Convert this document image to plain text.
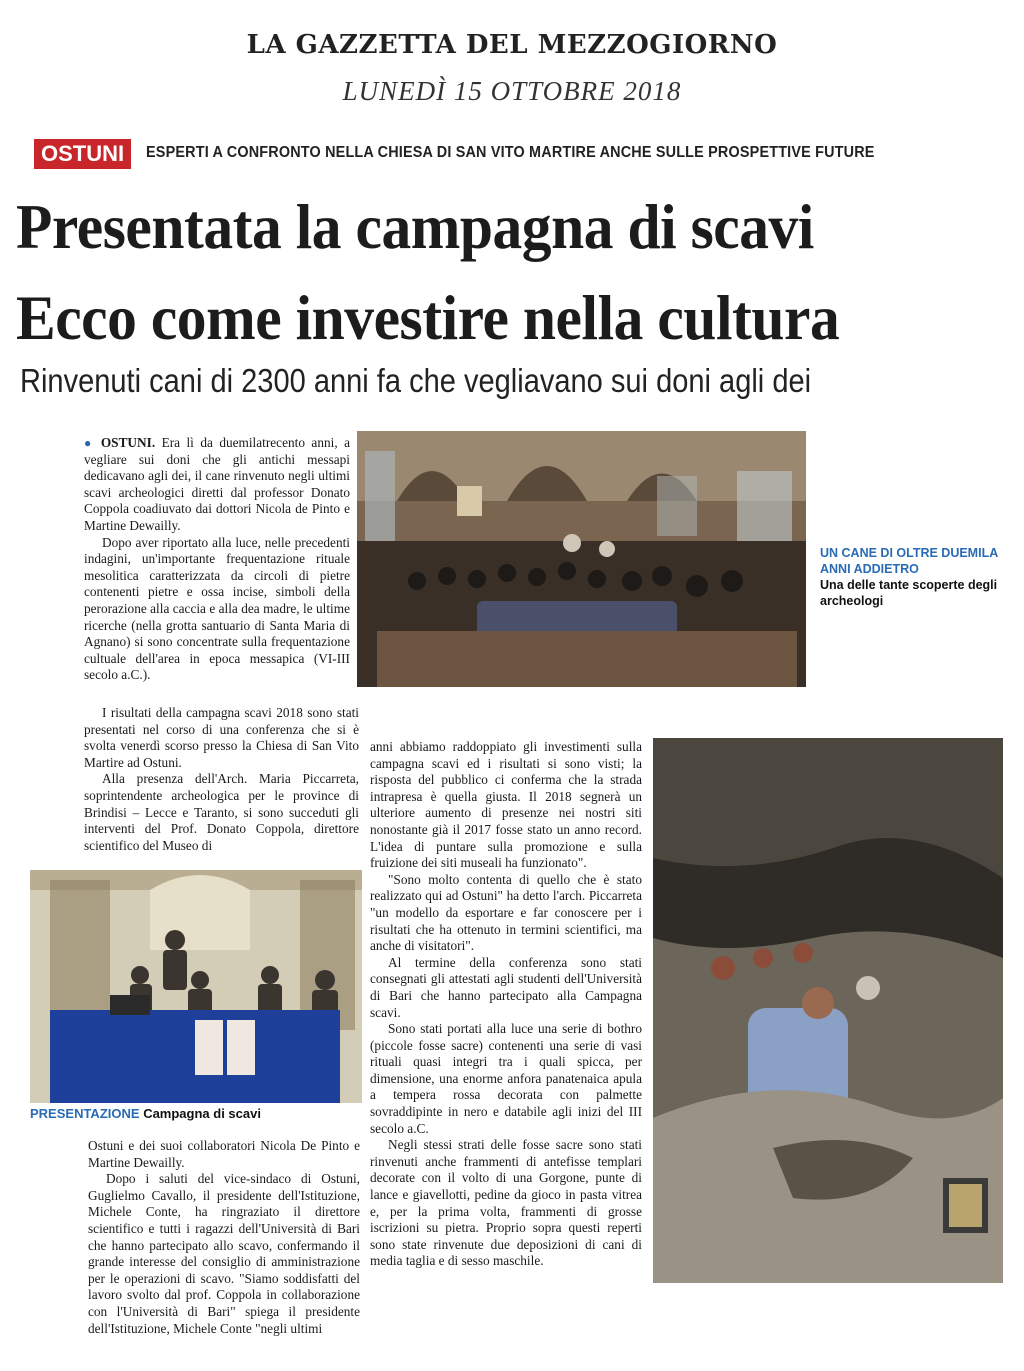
LA GAZZETTA DEL MEZZOGIORNO
LUNEDÌ 15 OTTOBRE 2018
OSTUNI	ESPERTI A CONFRONTO NELLA CHIESA DI SAN VITO MARTIRE ANCHE SULLE PROSPETTIVE FUTURE
Presentata la campagna di scavi
Ecco come investire nella cultura
Rinvenuti cani di 2300 anni fa che vegliavano sui doni agli dei

● OSTUNI. Era lì da duemilatrecento anni, a vegliare sui doni che gli antichi messapi dedicavano agli dei, il cane rinvenuto negli ultimi scavi archeologici diretti dal professor Donato Coppola coadiuvato dai dottori Nicola de Pinto e Martine Dewailly.

Dopo aver riportato alla luce, nelle precedenti indagini, un'importante frequentazione rituale mesolitica caratterizzata da circoli di pietre contenenti pietre e ossa incise, simboli della perorazione alla caccia e alla dea madre, le ultime ricerche (nella grotta santuario di Santa Maria di Agnano) si sono concentrate sulla frequentazione cultuale dell'area in epoca messapica (VI-III secolo a.C.).

UN CANE DI OLTRE DUEMILA ANNI ADDIETRO
Una delle tante scoperte degli archeologi

I risultati della campagna scavi 2018 sono stati presentati nel corso di una conferenza che si è svolta venerdì scorso presso la Chiesa di San Vito Martire ad Ostuni.

Alla presenza dell'Arch. Maria Piccarreta, soprintendente archeologica per le province di Brindisi – Lecce e Taranto, si sono succeduti gli interventi del Prof. Donato Coppola, direttore scientifico del Museo di

PRESENTAZIONE Campagna di scavi

Ostuni e dei suoi collaboratori Nicola De Pinto e Martine Dewailly.

Dopo i saluti del vice-sindaco di Ostuni, Guglielmo Cavallo, il presidente dell'Istituzione, Michele Conte, ha ringraziato il direttore scientifico e tutti i ragazzi dell'Università di Bari che hanno partecipato allo scavo, confermando il grande interesse del consiglio di amministrazione per le operazioni di scavo. "Siamo soddisfatti del lavoro svolto dal prof. Coppola in collaborazione con l'Università di Bari" spiega il presidente dell'Istituzione, Michele Conte "negli ultimi

anni abbiamo raddoppiato gli investimenti sulla campagna scavi ed i risultati si sono visti; la risposta del pubblico ci conferma che la strada intrapresa è quella giusta. Il 2018 segnerà un ulteriore aumento di presenze nei nostri siti nonostante già il 2017 fosse stato un anno record. L'idea di puntare sulla promozione e sulla fruizione dei siti museali ha funzionato".

"Sono molto contenta di quello che è stato realizzato qui ad Ostuni" ha detto l'arch. Piccarreta "un modello da esportare e far conoscere per i risultati che ha ottenuto in termini scientifici, ma anche di visitatori".

Al termine della conferenza sono stati consegnati gli attestati agli studenti dell'Università di Bari che hanno partecipato alla Campagna scavi.

Sono stati portati alla luce una serie di bothro (piccole fosse sacre) contenenti una serie di vasi rituali quasi integri tra i quali spicca, per dimensione, una enorme anfora panatenaica apula a tempera rossa decorata con palmette sovraddipinte in nero e databile agli inizi del III secolo a.C.

Negli stessi strati delle fosse sacre sono stati rinvenuti anche frammenti di antefisse templari decorate con il volto di una Gorgone, punte di lance e giavellotti, pedine da gioco in pasta vitrea e, per la prima volta, frammenti di grosse iscrizioni su pietra. Proprio sopra questi reperti sono state rinvenute due deposizioni di cani di media taglia e di sesso maschile.
